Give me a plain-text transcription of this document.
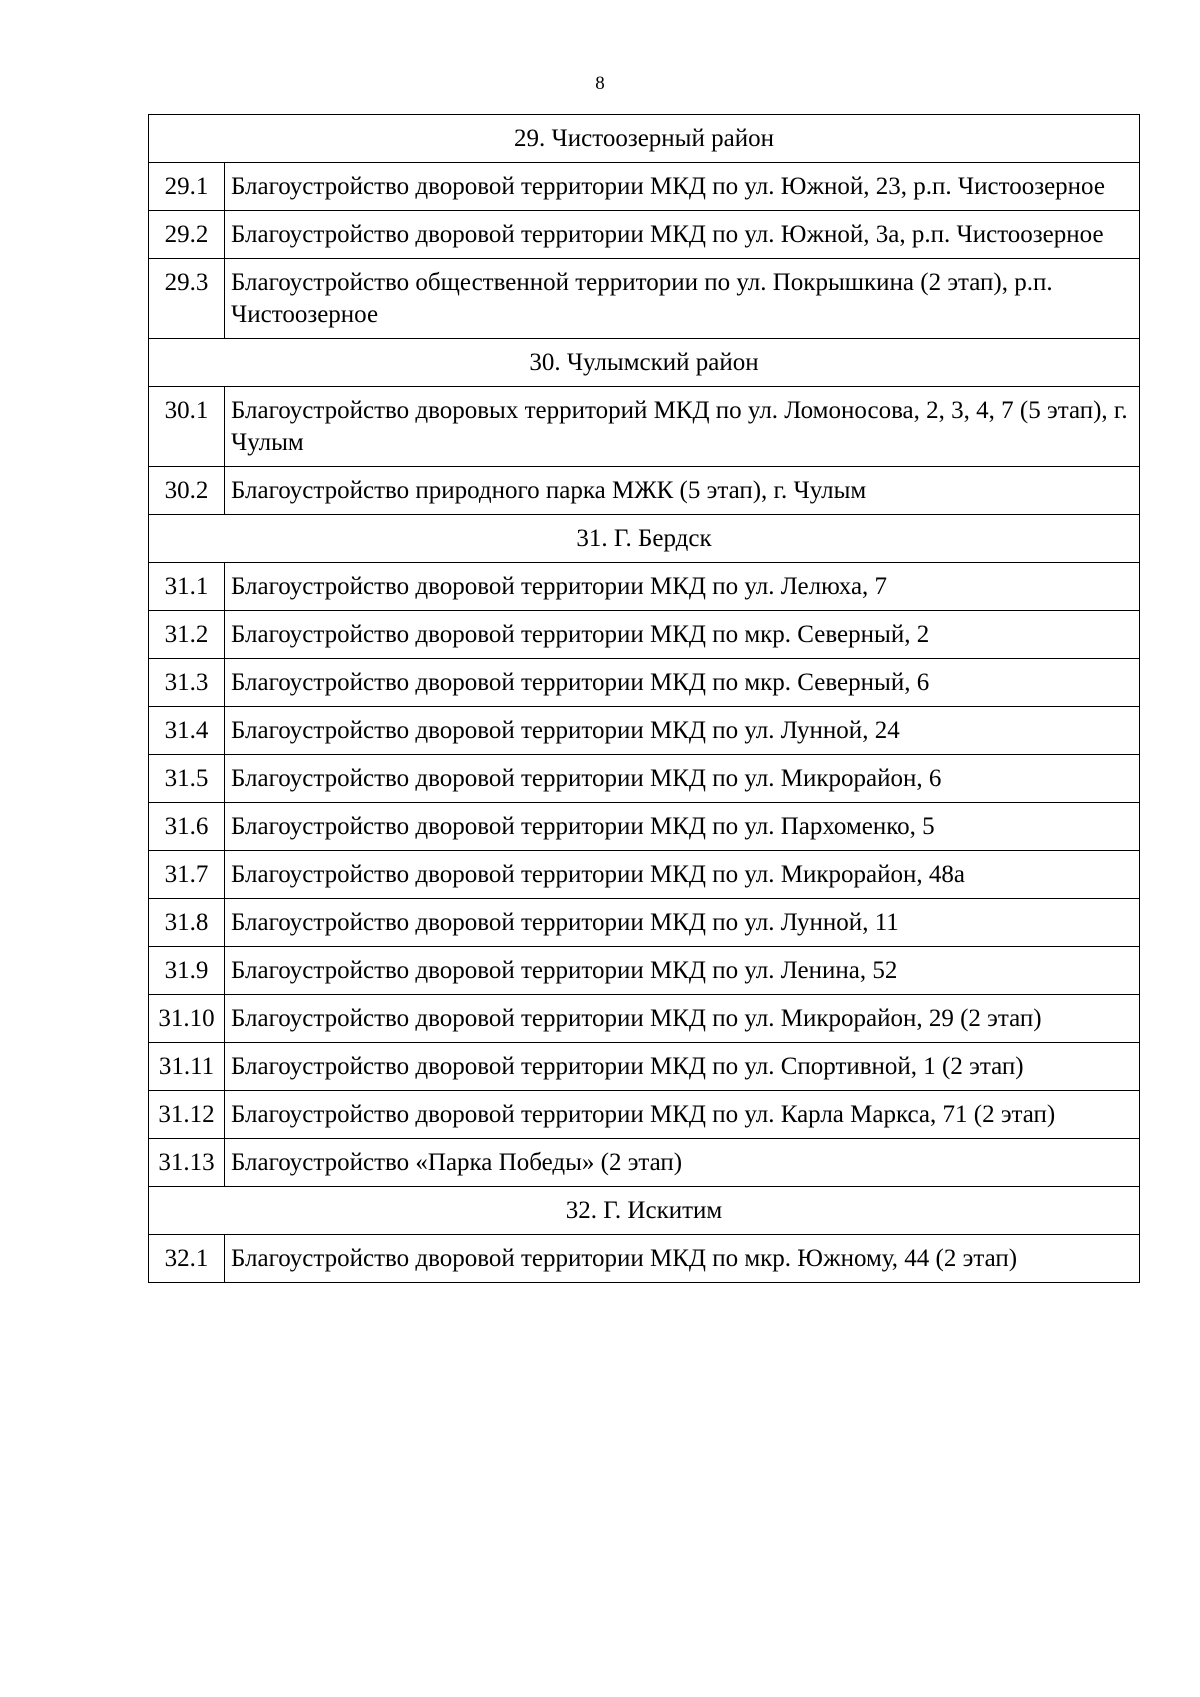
8
29. Чистоозерный район	
29.1	Благоустройство дворовой территории МКД по ул. Южной, 23, р.п. Чистоозерное
29.2	Благоустройство дворовой территории МКД по ул. Южной, 3а, р.п. Чистоозерное
29.3	Благоустройство общественной территории по ул. Покрышкина (2 этап), р.п. Чистоозерное
30. Чулымский район	
30.1	Благоустройство дворовых территорий МКД по ул. Ломоносова, 2, 3, 4, 7 (5 этап), г. Чулым
30.2	Благоустройство природного парка МЖК (5 этап), г. Чулым
31. Г. Бердск	
31.1	Благоустройство дворовой территории МКД по ул. Лелюха, 7
31.2	Благоустройство дворовой территории МКД по мкр. Северный, 2
31.3	Благоустройство дворовой территории МКД по мкр. Северный, 6
31.4	Благоустройство дворовой территории МКД по ул. Лунной, 24
31.5	Благоустройство дворовой территории МКД по ул. Микрорайон, 6
31.6	Благоустройство дворовой территории МКД по ул. Пархоменко, 5
31.7	Благоустройство дворовой территории МКД по ул. Микрорайон, 48а
31.8	Благоустройство дворовой территории МКД по ул. Лунной, 11
31.9	Благоустройство дворовой территории МКД по ул. Ленина, 52
31.10	Благоустройство дворовой территории МКД по ул. Микрорайон, 29 (2 этап)
31.11	Благоустройство дворовой территории МКД по ул. Спортивной, 1 (2 этап)
31.12	Благоустройство дворовой территории МКД по ул. Карла Маркса, 71 (2 этап)
31.13	Благоустройство «Парка Победы» (2 этап)
32. Г. Искитим	
32.1	Благоустройство дворовой территории МКД по мкр. Южному, 44 (2 этап)
